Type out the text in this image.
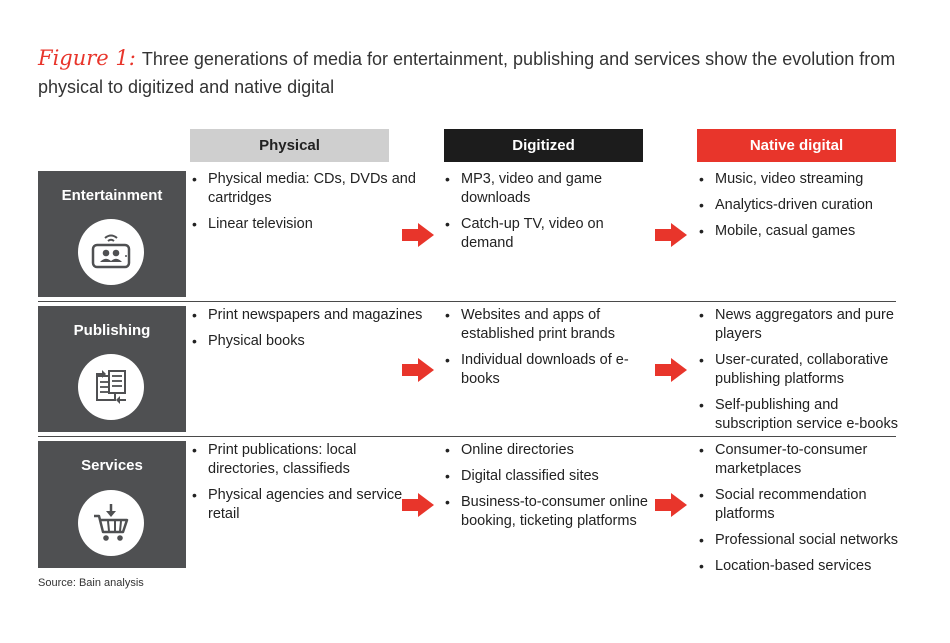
Figure 1: Three generations of media for entertainment, publishing and services show the evolution from physical to digitized and native digital
Physical	Digitized	Native digital
Entertainment
• Physical media: CDs, DVDs and cartridges
• Linear television
• MP3, video and game downloads
• Catch-up TV, video on demand
• Music, video streaming
• Analytics-driven curation
• Mobile, casual games
Publishing
• Print newspapers and magazines
• Physical books
• Websites and apps of established print brands
• Individual downloads of e-books
• News aggregators and pure players
• User-curated, collaborative publishing platforms
• Self-publishing and subscription service e-books
Services
• Print publications: local directories, classifieds
• Physical agencies and service retail
• Online directories
• Digital classified sites
• Business-to-consumer online booking, ticketing platforms
• Consumer-to-consumer marketplaces
• Social recommendation platforms
• Professional social networks
• Location-based services
Source: Bain analysis
